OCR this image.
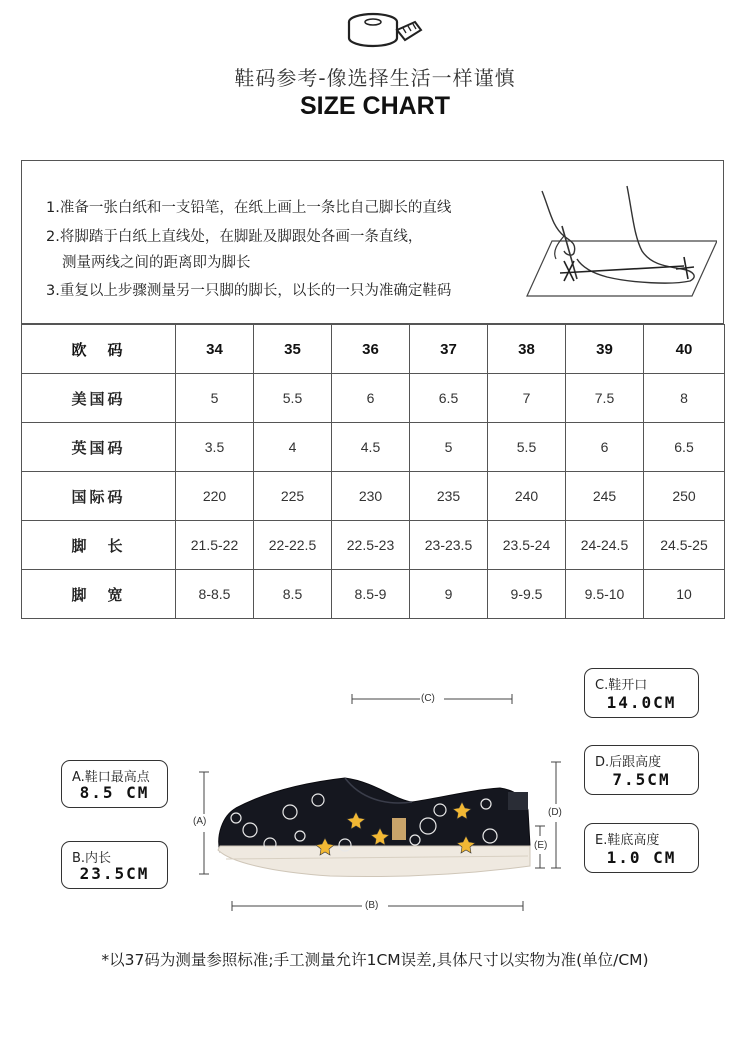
鞋码参考-像选择生活一样谨慎
SIZE CHART
1.准备一张白纸和一支铅笔，在纸上画上一条比自己脚长的直线
2.将脚踏于白纸上直线处，在脚趾及脚跟处各画一条直线，
测量两线之间的距离即为脚长
3.重复以上步骤测量另一只脚的脚长，以长的一只为准确定鞋码
欧　码	34	35	36	37	38	39	40
美国码	5	5.5	6	6.5	7	7.5	8
英国码	3.5	4	4.5	5	5.5	6	6.5
国际码	220	225	230	235	240	245	250
脚　长	21.5-22	22-22.5	22.5-23	23-23.5	23.5-24	24-24.5	24.5-25
脚　宽	8-8.5	8.5	8.5-9	9	9-9.5	9.5-10	10
(C)
(A)
(B)
(D)
(E)
C.鞋开口
14.0CM
D.后跟高度
7.5CM
E.鞋底高度
1.0 CM
A.鞋口最高点
8.5 CM
B.内长
23.5CM
*以37码为测量参照标准;手工测量允许1CM误差,具体尺寸以实物为准(单位/CM)
